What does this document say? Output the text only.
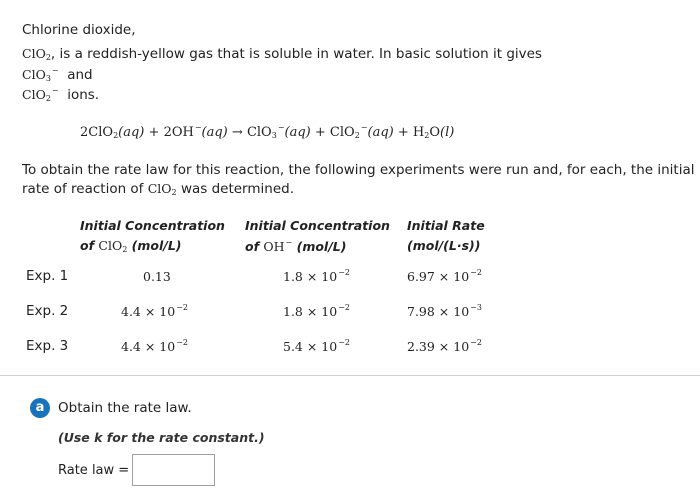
Chlorine dioxide,
ClO$_2$, is a reddish-yellow gas that is soluble in water. In basic solution it gives
ClO$_3$− and
ClO$_2$− ions.
$2ClO_2(aq) + 2OH^-(aq) \to ClO_3^-(aq) + ClO_2^-(aq) + H_2O(l)$
To obtain the rate law for this reaction, the following experiments were run and, for each, the initial
rate of reaction of ClO$_2$ was determined.
Initial Concentration
of ClO$_2$ (mol/L)
Initial Concentration
of OH− (mol/L)
Initial Rate
(mol/(L·s))
Exp. 1	0.13	$1.8 \times 10^{-2}$	$6.97 \times 10^{-2}$
Exp. 2	$4.4 \times 10^{-2}$	$1.8 \times 10^{-2}$	$7.98 \times 10^{-3}$
Exp. 3	$4.4 \times 10^{-2}$	$5.4 \times 10^{-2}$	$2.39 \times 10^{-2}$
a	Obtain the rate law.
(Use k for the rate constant.)
Rate law =
